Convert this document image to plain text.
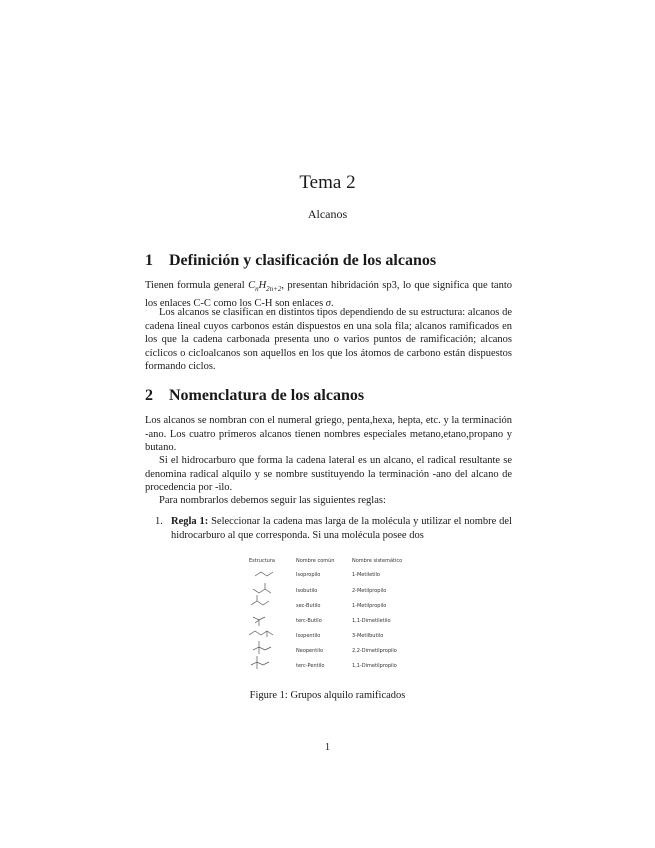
Tema 2
Alcanos
1 Definición y clasificación de los alcanos
Tienen formula general $C_nH_{2n+2}$, presentan hibridación sp3, lo que significa que tanto los enlaces C-C como los C-H son enlaces σ.
Los alcanos se clasifican en distintos tipos dependiendo de su estructura: alcanos de cadena lineal cuyos carbonos están dispuestos en una sola fila; alcanos ramificados en los que la cadena carbonada presenta uno o varios puntos de ramificación; alcanos cíclicos o cicloalcanos son aquellos en los que los átomos de carbono están dispuestos formando ciclos.
2 Nomenclatura de los alcanos
Los alcanos se nombran con el numeral griego, penta,hexa, hepta, etc. y la terminación -ano. Los cuatro primeros alcanos tienen nombres especiales metano,etano,propano y butano.
Si el hidrocarburo que forma la cadena lateral es un alcano, el radical resultante se denomina radical alquilo y se nombre sustituyendo la terminación -ano del alcano de procedencia por -ilo.
Para nombrarlos debemos seguir las siguientes reglas:
1. Regla 1: Seleccionar la cadena mas larga de la molécula y utilizar el nombre del hidrocarburo al que corresponda. Si una molécula posee dos
Estructura	Nombre común	Nombre sistemático
Isopropilo	1-Metiletilo
Isobutilo	2-Metilpropilo
sec-Butilo	1-Metilpropilo
terc-Butilo	1,1-Dimetiletilo
Isopentilo	3-Metilbutilo
Neopentilo	2,2-Dimetilpropilo
terc-Pentilo	1,1-Dimetilpropilo
Figure 1: Grupos alquilo ramificados
1
